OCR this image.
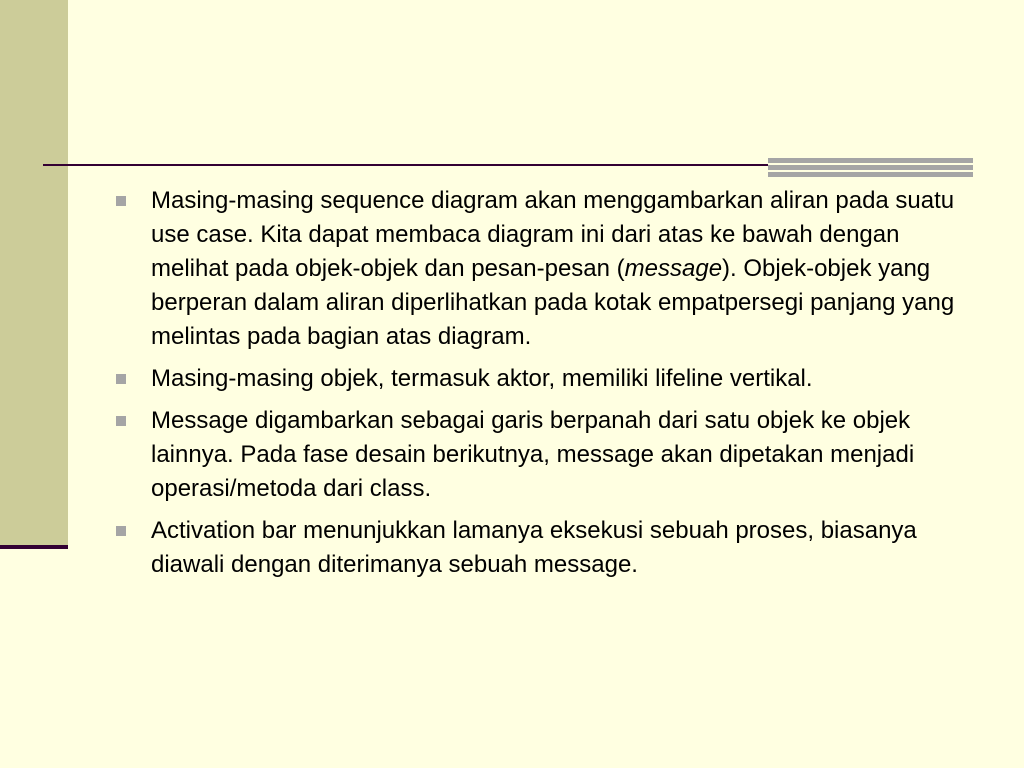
Masing-masing sequence diagram akan menggambarkan aliran pada suatu use case. Kita dapat membaca diagram ini dari atas ke bawah dengan melihat pada objek-objek dan pesan-pesan (message). Objek-objek yang berperan dalam aliran diperlihatkan pada kotak empatpersegi panjang yang melintas pada bagian atas diagram.
Masing-masing objek, termasuk aktor, memiliki lifeline vertikal.
Message digambarkan sebagai garis berpanah dari satu objek ke objek lainnya. Pada fase desain berikutnya, message akan dipetakan menjadi operasi/metoda dari class.
Activation bar menunjukkan lamanya eksekusi sebuah proses, biasanya diawali dengan diterimanya sebuah message.
